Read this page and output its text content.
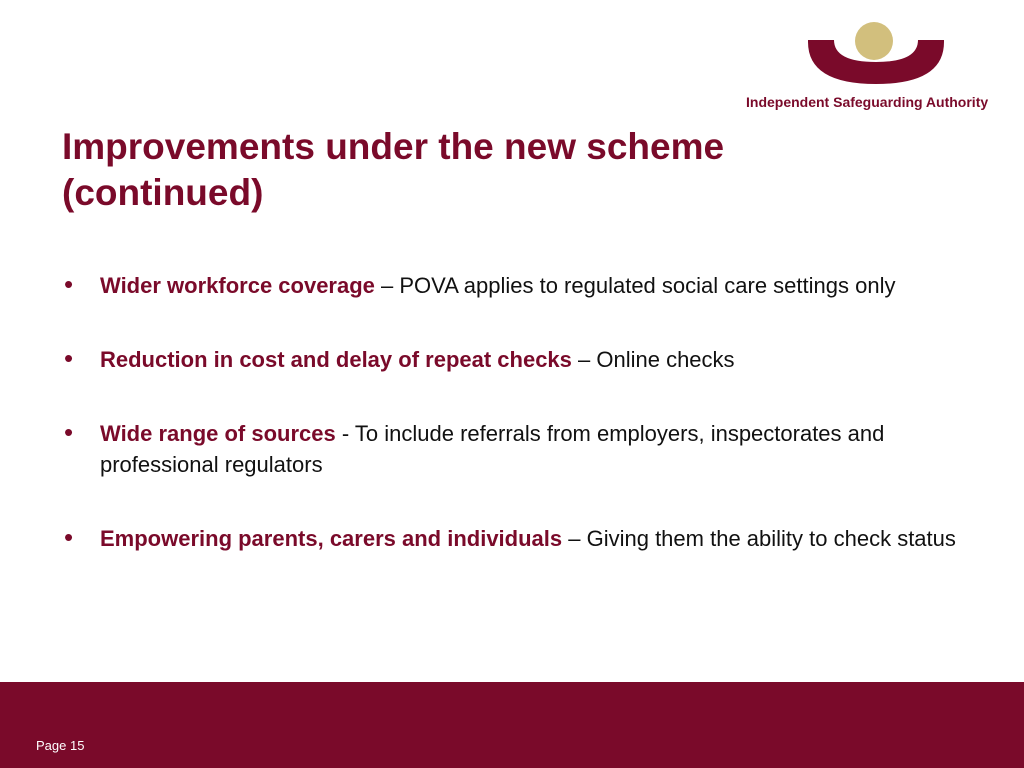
Independent Safeguarding Authority
Improvements under the new scheme (continued)
• Wider workforce coverage – POVA applies to regulated social care settings only
• Reduction in cost and delay of repeat checks – Online checks
• Wide range of sources - To include referrals from employers, inspectorates and professional regulators
• Empowering parents, carers and individuals – Giving them the ability to check status
Page 15
